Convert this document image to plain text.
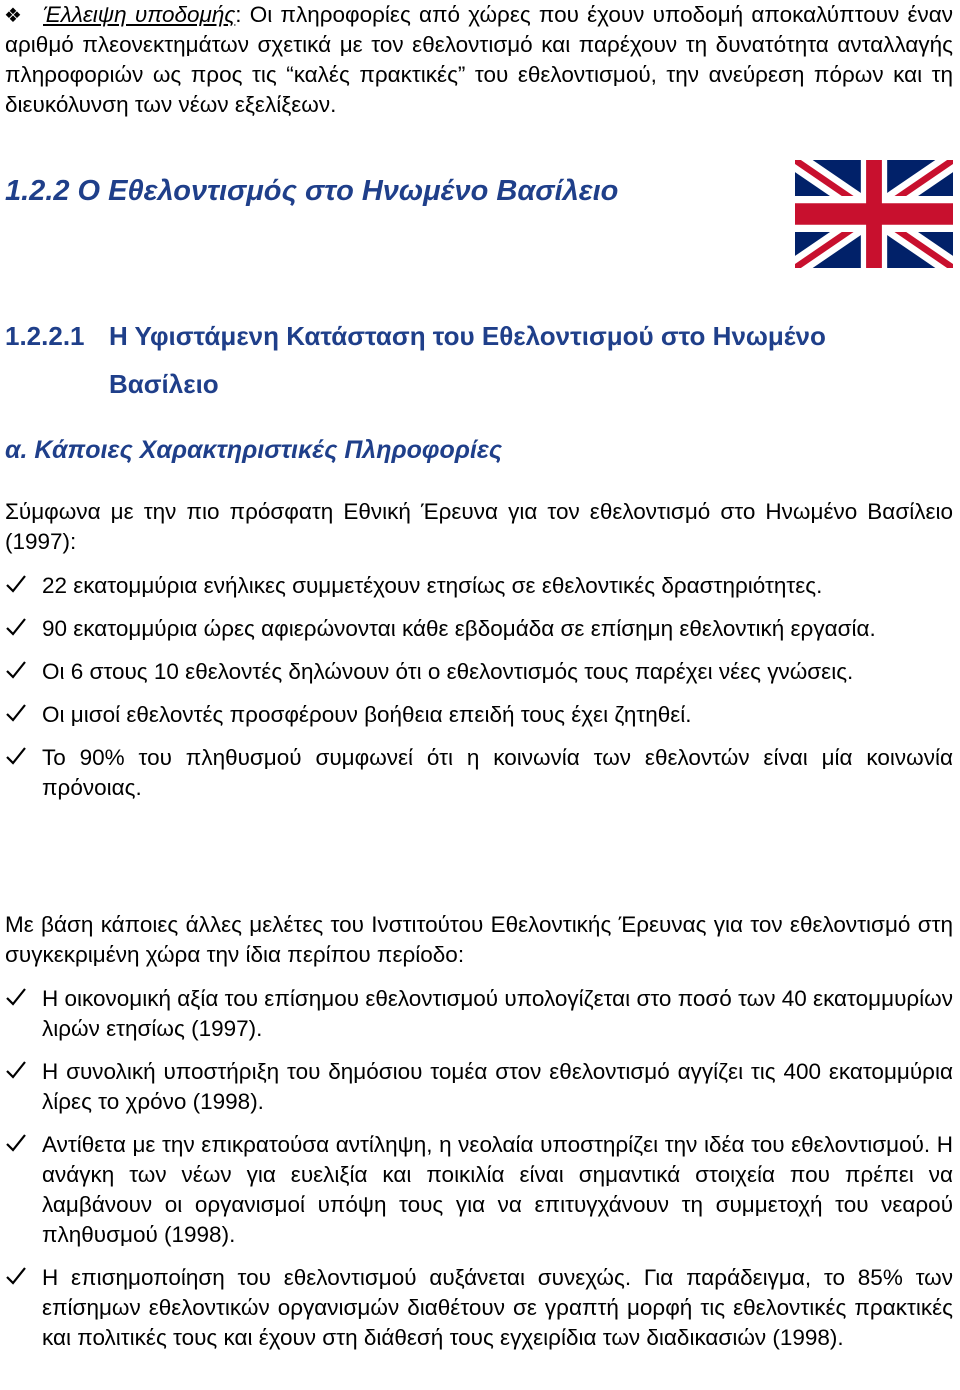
❖ Έλλειψη υποδομής: Οι πληροφορίες από χώρες που έχουν υποδομή αποκαλύπτουν έναν αριθμό πλεονεκτημάτων σχετικά με τον εθελοντισμό και παρέχουν τη δυνατότητα ανταλλαγής πληροφοριών ως προς τις “καλές πρακτικές” του εθελοντισμού, την ανεύρεση πόρων και τη διευκόλυνση των νέων εξελίξεων.
1.2.2 Ο Εθελοντισμός στο Ηνωμένο Βασίλειο
1.2.2.1 Η Υφιστάμενη Κατάσταση του Εθελοντισμού στο Ηνωμένο
Βασίλειο
α. Κάποιες Χαρακτηριστικές Πληροφορίες
Σύμφωνα με την πιο πρόσφατη Εθνική Έρευνα για τον εθελοντισμό στο Ηνωμένο Βασίλειο (1997):
22 εκατομμύρια ενήλικες συμμετέχουν ετησίως σε εθελοντικές δραστηριότητες.
90 εκατομμύρια ώρες αφιερώνονται κάθε εβδομάδα σε επίσημη εθελοντική εργασία.
Οι 6 στους 10 εθελοντές δηλώνουν ότι ο εθελοντισμός τους παρέχει νέες γνώσεις.
Οι μισοί εθελοντές προσφέρουν βοήθεια επειδή τους έχει ζητηθεί.
Το 90% του πληθυσμού συμφωνεί ότι η κοινωνία των εθελοντών είναι μία κοινωνία πρόνοιας.
Με βάση κάποιες άλλες μελέτες του Ινστιτούτου Εθελοντικής Έρευνας για τον εθελοντισμό στη συγκεκριμένη χώρα την ίδια περίπου περίοδο:
Η οικονομική αξία του επίσημου εθελοντισμού υπολογίζεται στο ποσό των 40 εκατομμυρίων λιρών ετησίως (1997).
Η συνολική υποστήριξη του δημόσιου τομέα στον εθελοντισμό αγγίζει τις 400 εκατομμύρια λίρες το χρόνο (1998).
Αντίθετα με την επικρατούσα αντίληψη, η νεολαία υποστηρίζει την ιδέα του εθελοντισμού. Η ανάγκη των νέων για ευελιξία και ποικιλία είναι σημαντικά στοιχεία που πρέπει να λαμβάνουν οι οργανισμοί υπόψη τους για να επιτυγχάνουν τη συμμετοχή του νεαρού πληθυσμού (1998).
Η επισημοποίηση του εθελοντισμού αυξάνεται συνεχώς. Για παράδειγμα, το 85% των επίσημων εθελοντικών οργανισμών διαθέτουν σε γραπτή μορφή τις εθελοντικές πρακτικές και πολιτικές τους και έχουν στη διάθεσή τους εγχειρίδια των διαδικασιών (1998).
